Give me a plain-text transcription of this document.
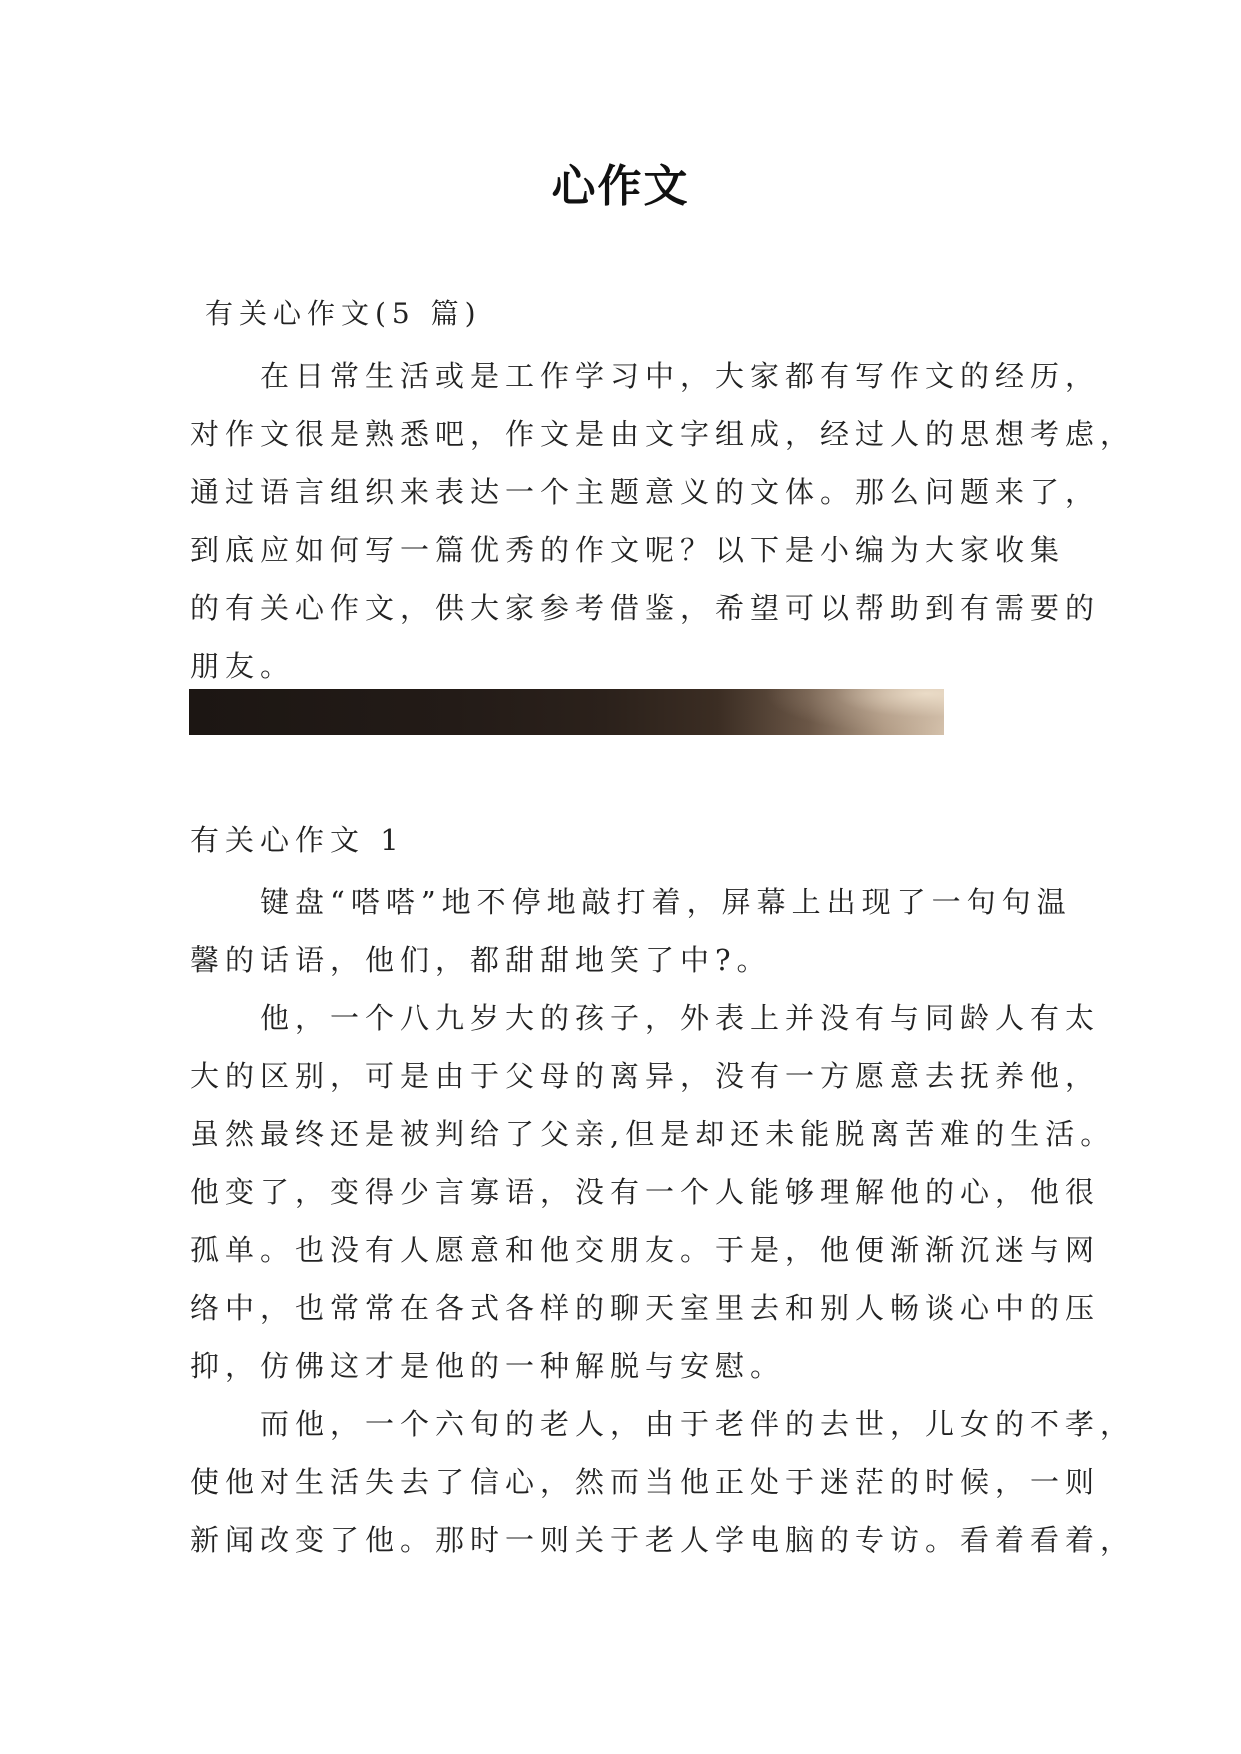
心作文
有关心作文(5 篇)
在日常生活或是工作学习中，大家都有写作文的经历，
对作文很是熟悉吧，作文是由文字组成，经过人的思想考虑，
通过语言组织来表达一个主题意义的文体。那么问题来了，
到底应如何写一篇优秀的作文呢？以下是小编为大家收集
的有关心作文，供大家参考借鉴，希望可以帮助到有需要的
朋友。
有关心作文 1
键盘“嗒嗒”地不停地敲打着，屏幕上出现了一句句温
馨的话语，他们，都甜甜地笑了中?。
他，一个八九岁大的孩子，外表上并没有与同龄人有太
大的区别，可是由于父母的离异，没有一方愿意去抚养他，
虽然最终还是被判给了父亲,但是却还未能脱离苦难的生活。
他变了，变得少言寡语，没有一个人能够理解他的心，他很
孤单。也没有人愿意和他交朋友。于是，他便渐渐沉迷与网
络中，也常常在各式各样的聊天室里去和别人畅谈心中的压
抑，仿佛这才是他的一种解脱与安慰。
而他，一个六旬的老人，由于老伴的去世，儿女的不孝，
使他对生活失去了信心，然而当他正处于迷茫的时候，一则
新闻改变了他。那时一则关于老人学电脑的专访。看着看着，
